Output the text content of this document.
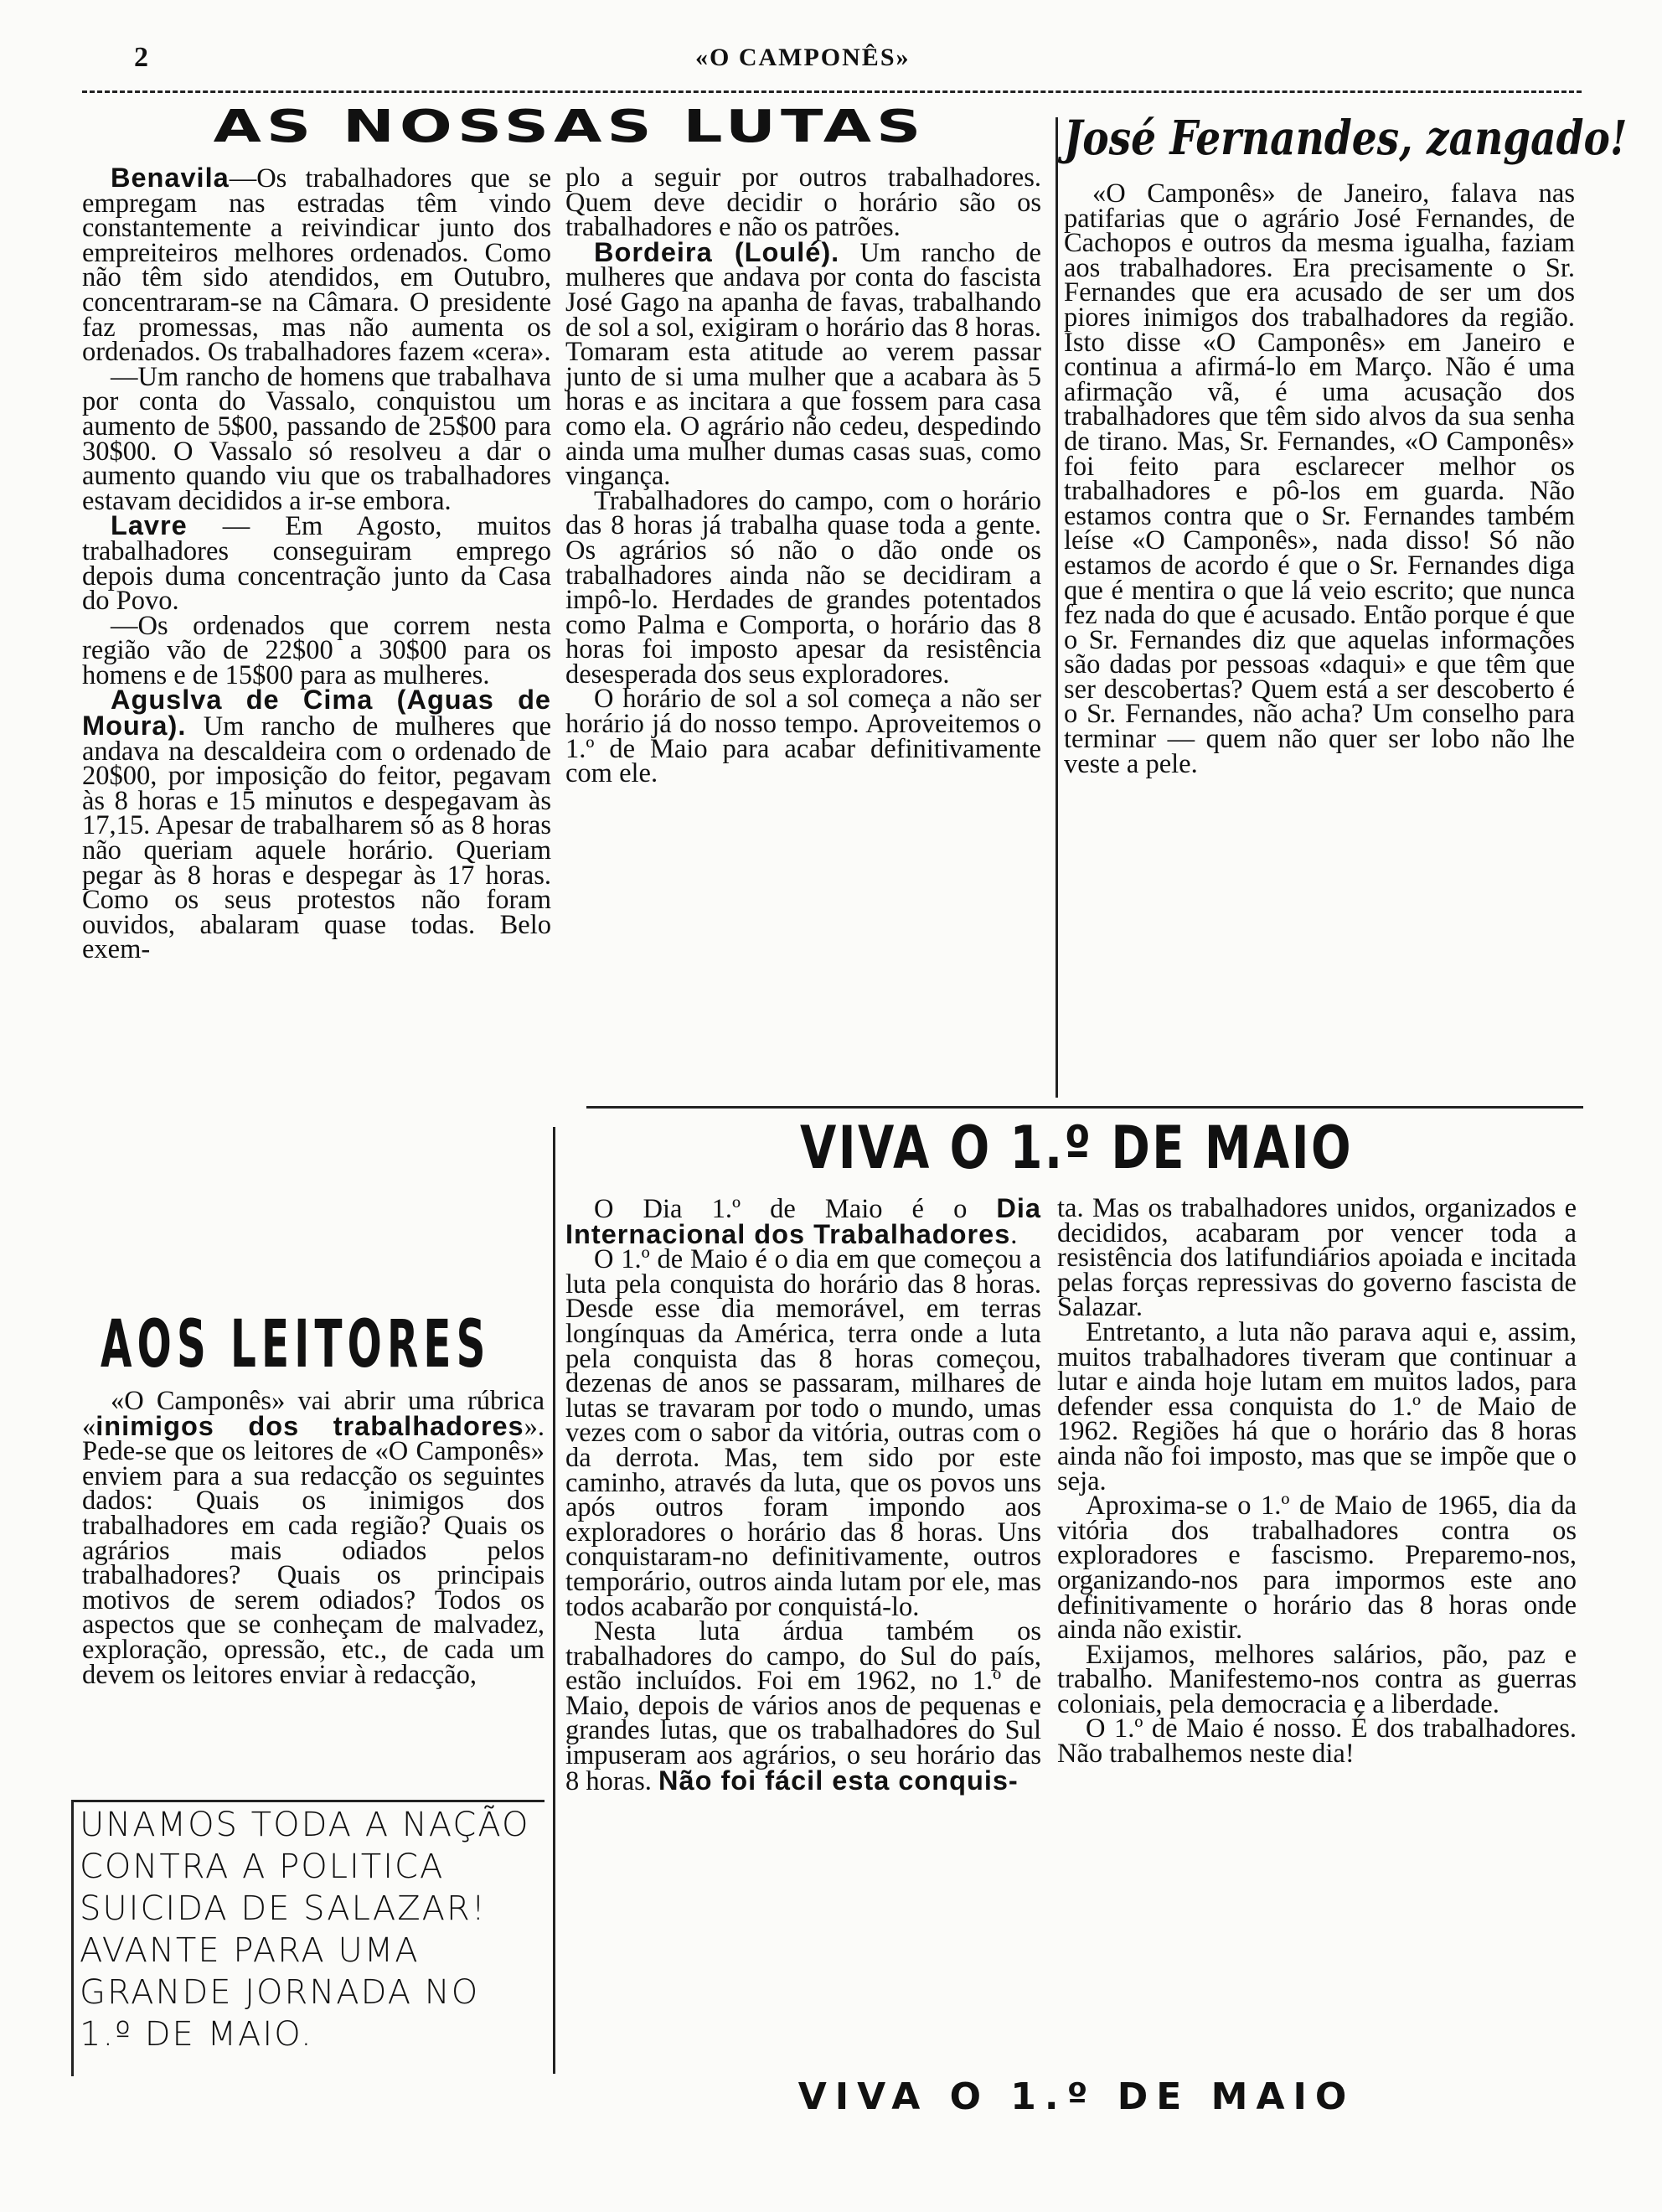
2	«O CAMPONÊS»
AS NOSSAS LUTAS

Benavila—Os trabalhadores que se empregam nas estradas têm vindo constantemente a reivindicar junto dos empreiteiros melhores ordenados. Como não têm sido atendidos, em Outubro, concentraram-se na Câmara. O presidente faz promessas, mas não aumenta os ordenados. Os trabalhadores fazem «cera».

—Um rancho de homens que trabalhava por conta do Vassalo, conquistou um aumento de 5$00, passando de 25$00 para 30$00. O Vassalo só resolveu a dar o aumento quando viu que os trabalhadores estavam decididos a ir-se embora.

Lavre — Em Agosto, muitos trabalhadores conseguiram emprego depois duma concentração junto da Casa do Povo.

—Os ordenados que correm nesta região vão de 22$00 a 30$00 para os homens e de 15$00 para as mulheres.

Aguslva de Cima (Aguas de Moura). Um rancho de mulheres que andava na descaldeira com o ordenado de 20$00, por imposição do feitor, pegavam às 8 horas e 15 minutos e despegavam às 17,15. Apesar de trabalharem só as 8 horas não queriam aquele horário. Queriam pegar às 8 horas e despegar às 17 horas. Como os seus protestos não foram ouvidos, abalaram quase todas. Belo exem-

plo a seguir por outros trabalhadores. Quem deve decidir o horário são os trabalhadores e não os patrões.

Bordeira (Loulé). Um rancho de mulheres que andava por conta do fascista José Gago na apanha de favas, trabalhando de sol a sol, exigiram o horário das 8 horas. Tomaram esta atitude ao verem passar junto de si uma mulher que a acabara às 5 horas e as incitara a que fossem para casa como ela. O agrário não cedeu, despedindo ainda uma mulher dumas casas suas, como vingança.

Trabalhadores do campo, com o horário das 8 horas já trabalha quase toda a gente. Os agrários só não o dão onde os trabalhadores ainda não se decidiram a impô-lo. Herdades de grandes potentados como Palma e Comporta, o horário das 8 horas foi imposto apesar da resistência desesperada dos seus exploradores.

O horário de sol a sol começa a não ser horário já do nosso tempo. Aproveitemos o 1.º de Maio para acabar definitivamente com ele.

José Fernandes, zangado!

«O Camponês» de Janeiro, falava nas patifarias que o agrário José Fernandes, de Cachopos e outros da mesma igualha, faziam aos trabalhadores. Era precisamente o Sr. Fernandes que era acusado de ser um dos piores inimigos dos trabalhadores da região. Isto disse «O Camponês» em Janeiro e continua a afirmá-lo em Março. Não é uma afirmação vã, é uma acusação dos trabalhadores que têm sido alvos da sua senha de tirano. Mas, Sr. Fernandes, «O Camponês» foi feito para esclarecer melhor os trabalhadores e pô-los em guarda. Não estamos contra que o Sr. Fernandes também leíse «O Camponês», nada disso! Só não estamos de acordo é que o Sr. Fernandes diga que é mentira o que lá veio escrito; que nunca fez nada do que é acusado. Então porque é que o Sr. Fernandes diz que aquelas informações são dadas por pessoas «daqui» e que têm que ser descobertas? Quem está a ser descoberto é o Sr. Fernandes, não acha? Um conselho para terminar — quem não quer ser lobo não lhe veste a pele.

AOS LEITORES

«O Camponês» vai abrir uma rúbrica «inimigos dos trabalhadores». Pede-se que os leitores de «O Camponês» enviem para a sua redacção os seguintes dados: Quais os inimigos dos trabalhadores em cada região? Quais os agrários mais odiados pelos trabalhadores? Quais os principais motivos de serem odiados? Todos os aspectos que se conheçam de malvadez, exploração, opressão, etc., de cada um devem os leitores enviar à redacção,

UNAMOS TODA A NAÇÃO
CONTRA A POLITICA
SUICIDA DE SALAZAR!
AVANTE PARA UMA
GRANDE JORNADA NO
1.º DE MAIO.
VIVA O 1.º DE MAIO

O Dia 1.º de Maio é o Dia Internacional dos Trabalhadores.

O 1.º de Maio é o dia em que começou a luta pela conquista do horário das 8 horas. Desde esse dia memorável, em terras longínquas da América, terra onde a luta pela conquista das 8 horas começou, dezenas de anos se passaram, milhares de lutas se travaram por todo o mundo, umas vezes com o sabor da vitória, outras com o da derrota. Mas, tem sido por este caminho, através da luta, que os povos uns após outros foram impondo aos exploradores o horário das 8 horas. Uns conquistaram-no definitivamente, outros temporário, outros ainda lutam por ele, mas todos acabarão por conquistá-lo.

Nesta luta árdua também os trabalhadores do campo, do Sul do país, estão incluídos. Foi em 1962, no 1.º de Maio, depois de vários anos de pequenas e grandes lutas, que os trabalhadores do Sul impuseram aos agrários, o seu horário das 8 horas. Não foi fácil esta conquis-

ta. Mas os trabalhadores unidos, organizados e decididos, acabaram por vencer toda a resistência dos latifundiários apoiada e incitada pelas forças repressivas do governo fascista de Salazar.

Entretanto, a luta não parava aqui e, assim, muitos trabalhadores tiveram que continuar a lutar e ainda hoje lutam em muitos lados, para defender essa conquista do 1.º de Maio de 1962. Regiões há que o horário das 8 horas ainda não foi imposto, mas que se impõe que o seja.

Aproxima-se o 1.º de Maio de 1965, dia da vitória dos trabalhadores contra os exploradores e fascismo. Preparemo-nos, organizando-nos para impormos este ano definitivamente o horário das 8 horas onde ainda não existir.

Exijamos, melhores salários, pão, paz e trabalho. Manifestemo-nos contra as guerras coloniais, pela democracia e a liberdade.

O 1.º de Maio é nosso. É dos trabalhadores. Não trabalhemos neste dia!

VIVA O 1.º DE MAIO
